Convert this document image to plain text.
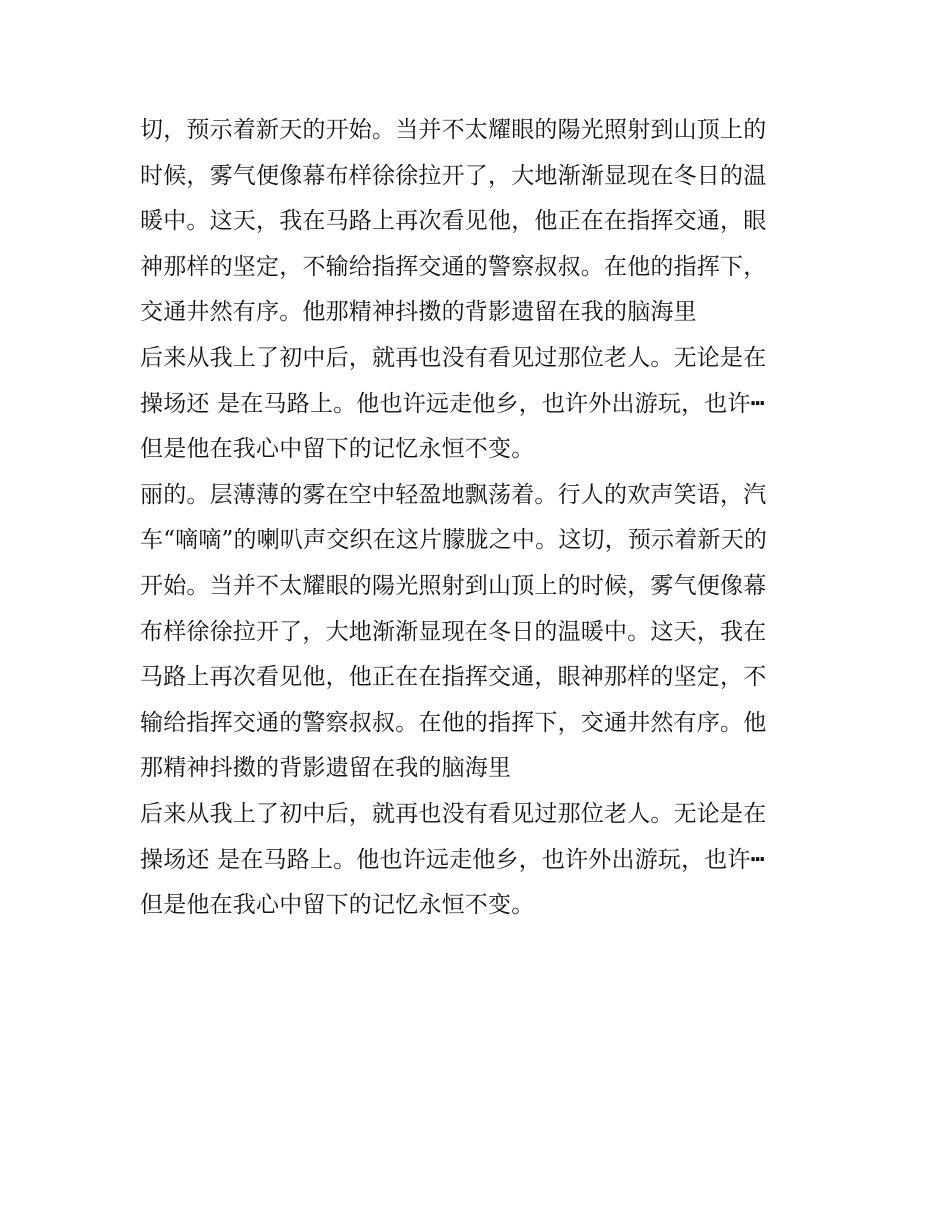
切，预示着新天的开始。当并不太耀眼的陽光照射到山顶上的
时候，雾气便像幕布样徐徐拉开了，大地渐渐显现在冬日的温
暖中。这天，我在马路上再次看见他，他正在在指挥交通，眼
神那样的坚定，不输给指挥交通的警察叔叔。在他的指挥下，
交通井然有序。他那精神抖擞的背影遗留在我的脑海里
后来从我上了初中后，就再也没有看见过那位老人。无论是在
操场还 是在马路上。他也许远走他乡，也许外出游玩，也许┅
但是他在我心中留下的记忆永恒不变。
丽的。层薄薄的雾在空中轻盈地飘荡着。行人的欢声笑语，汽
车“嘀嘀”的喇叭声交织在这片朦胧之中。这切，预示着新天的
开始。当并不太耀眼的陽光照射到山顶上的时候，雾气便像幕
布样徐徐拉开了，大地渐渐显现在冬日的温暖中。这天，我在
马路上再次看见他，他正在在指挥交通，眼神那样的坚定，不
输给指挥交通的警察叔叔。在他的指挥下，交通井然有序。他
那精神抖擞的背影遗留在我的脑海里
后来从我上了初中后，就再也没有看见过那位老人。无论是在
操场还 是在马路上。他也许远走他乡，也许外出游玩，也许┅
但是他在我心中留下的记忆永恒不变。
